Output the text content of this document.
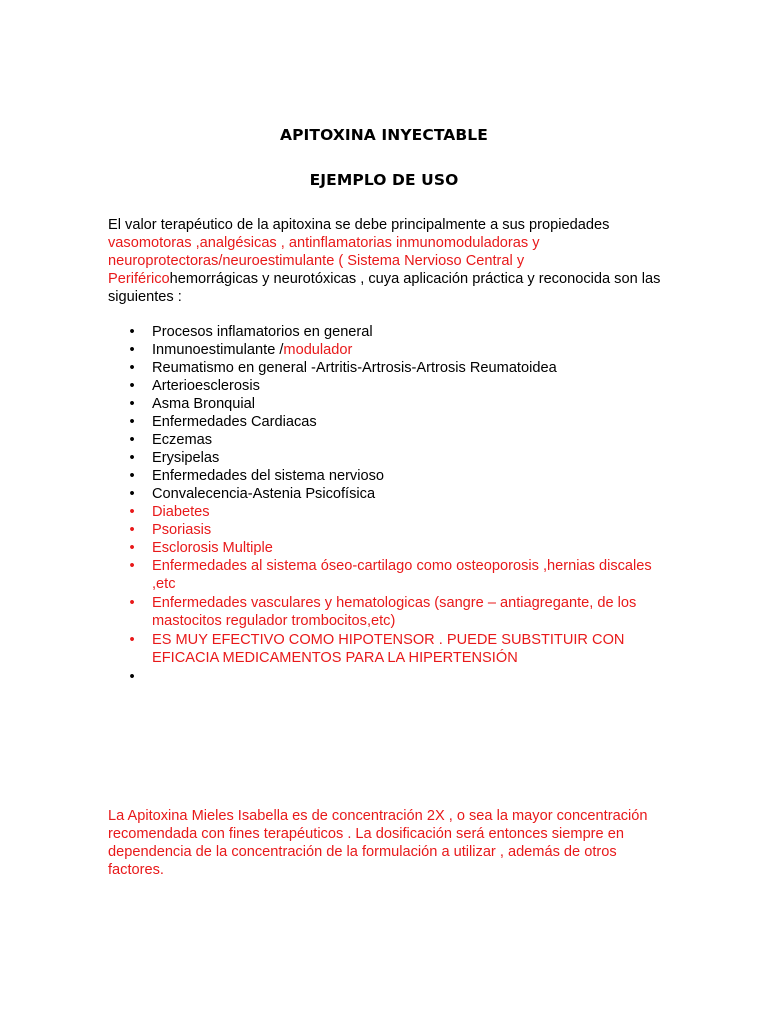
APITOXINA INYECTABLE
EJEMPLO DE USO
El valor terapéutico de la apitoxina se debe principalmente a sus propiedades vasomotoras ,analgésicas , antinflamatorias inmunomoduladoras y neuroprotectoras/neuroestimulante ( Sistema Nervioso Central y Periféricohemorrágicas y neurotóxicas , cuya aplicación práctica y reconocida son las siguientes :
• Procesos inflamatorios en general
• Inmunoestimulante /modulador
• Reumatismo en general -Artritis-Artrosis-Artrosis Reumatoidea
• Arterioesclerosis
• Asma Bronquial
• Enfermedades Cardiacas
• Eczemas
• Erysipelas
• Enfermedades del sistema nervioso
• Convalecencia-Astenia Psicofísica
• Diabetes
• Psoriasis
• Esclorosis Multiple
• Enfermedades al sistema óseo-cartilago como osteoporosis ,hernias discales ,etc
• Enfermedades vasculares y hematologicas (sangre – antiagregante, de los mastocitos regulador trombocitos,etc)
• ES MUY EFECTIVO COMO HIPOTENSOR . PUEDE SUBSTITUIR CON EFICACIA MEDICAMENTOS PARA LA HIPERTENSIÓN
•

La Apitoxina Mieles Isabella es de concentración 2X , o sea la mayor concentración recomendada con fines terapéuticos . La dosificación será entonces siempre en dependencia de la concentración de la formulación a utilizar , además de otros factores.
